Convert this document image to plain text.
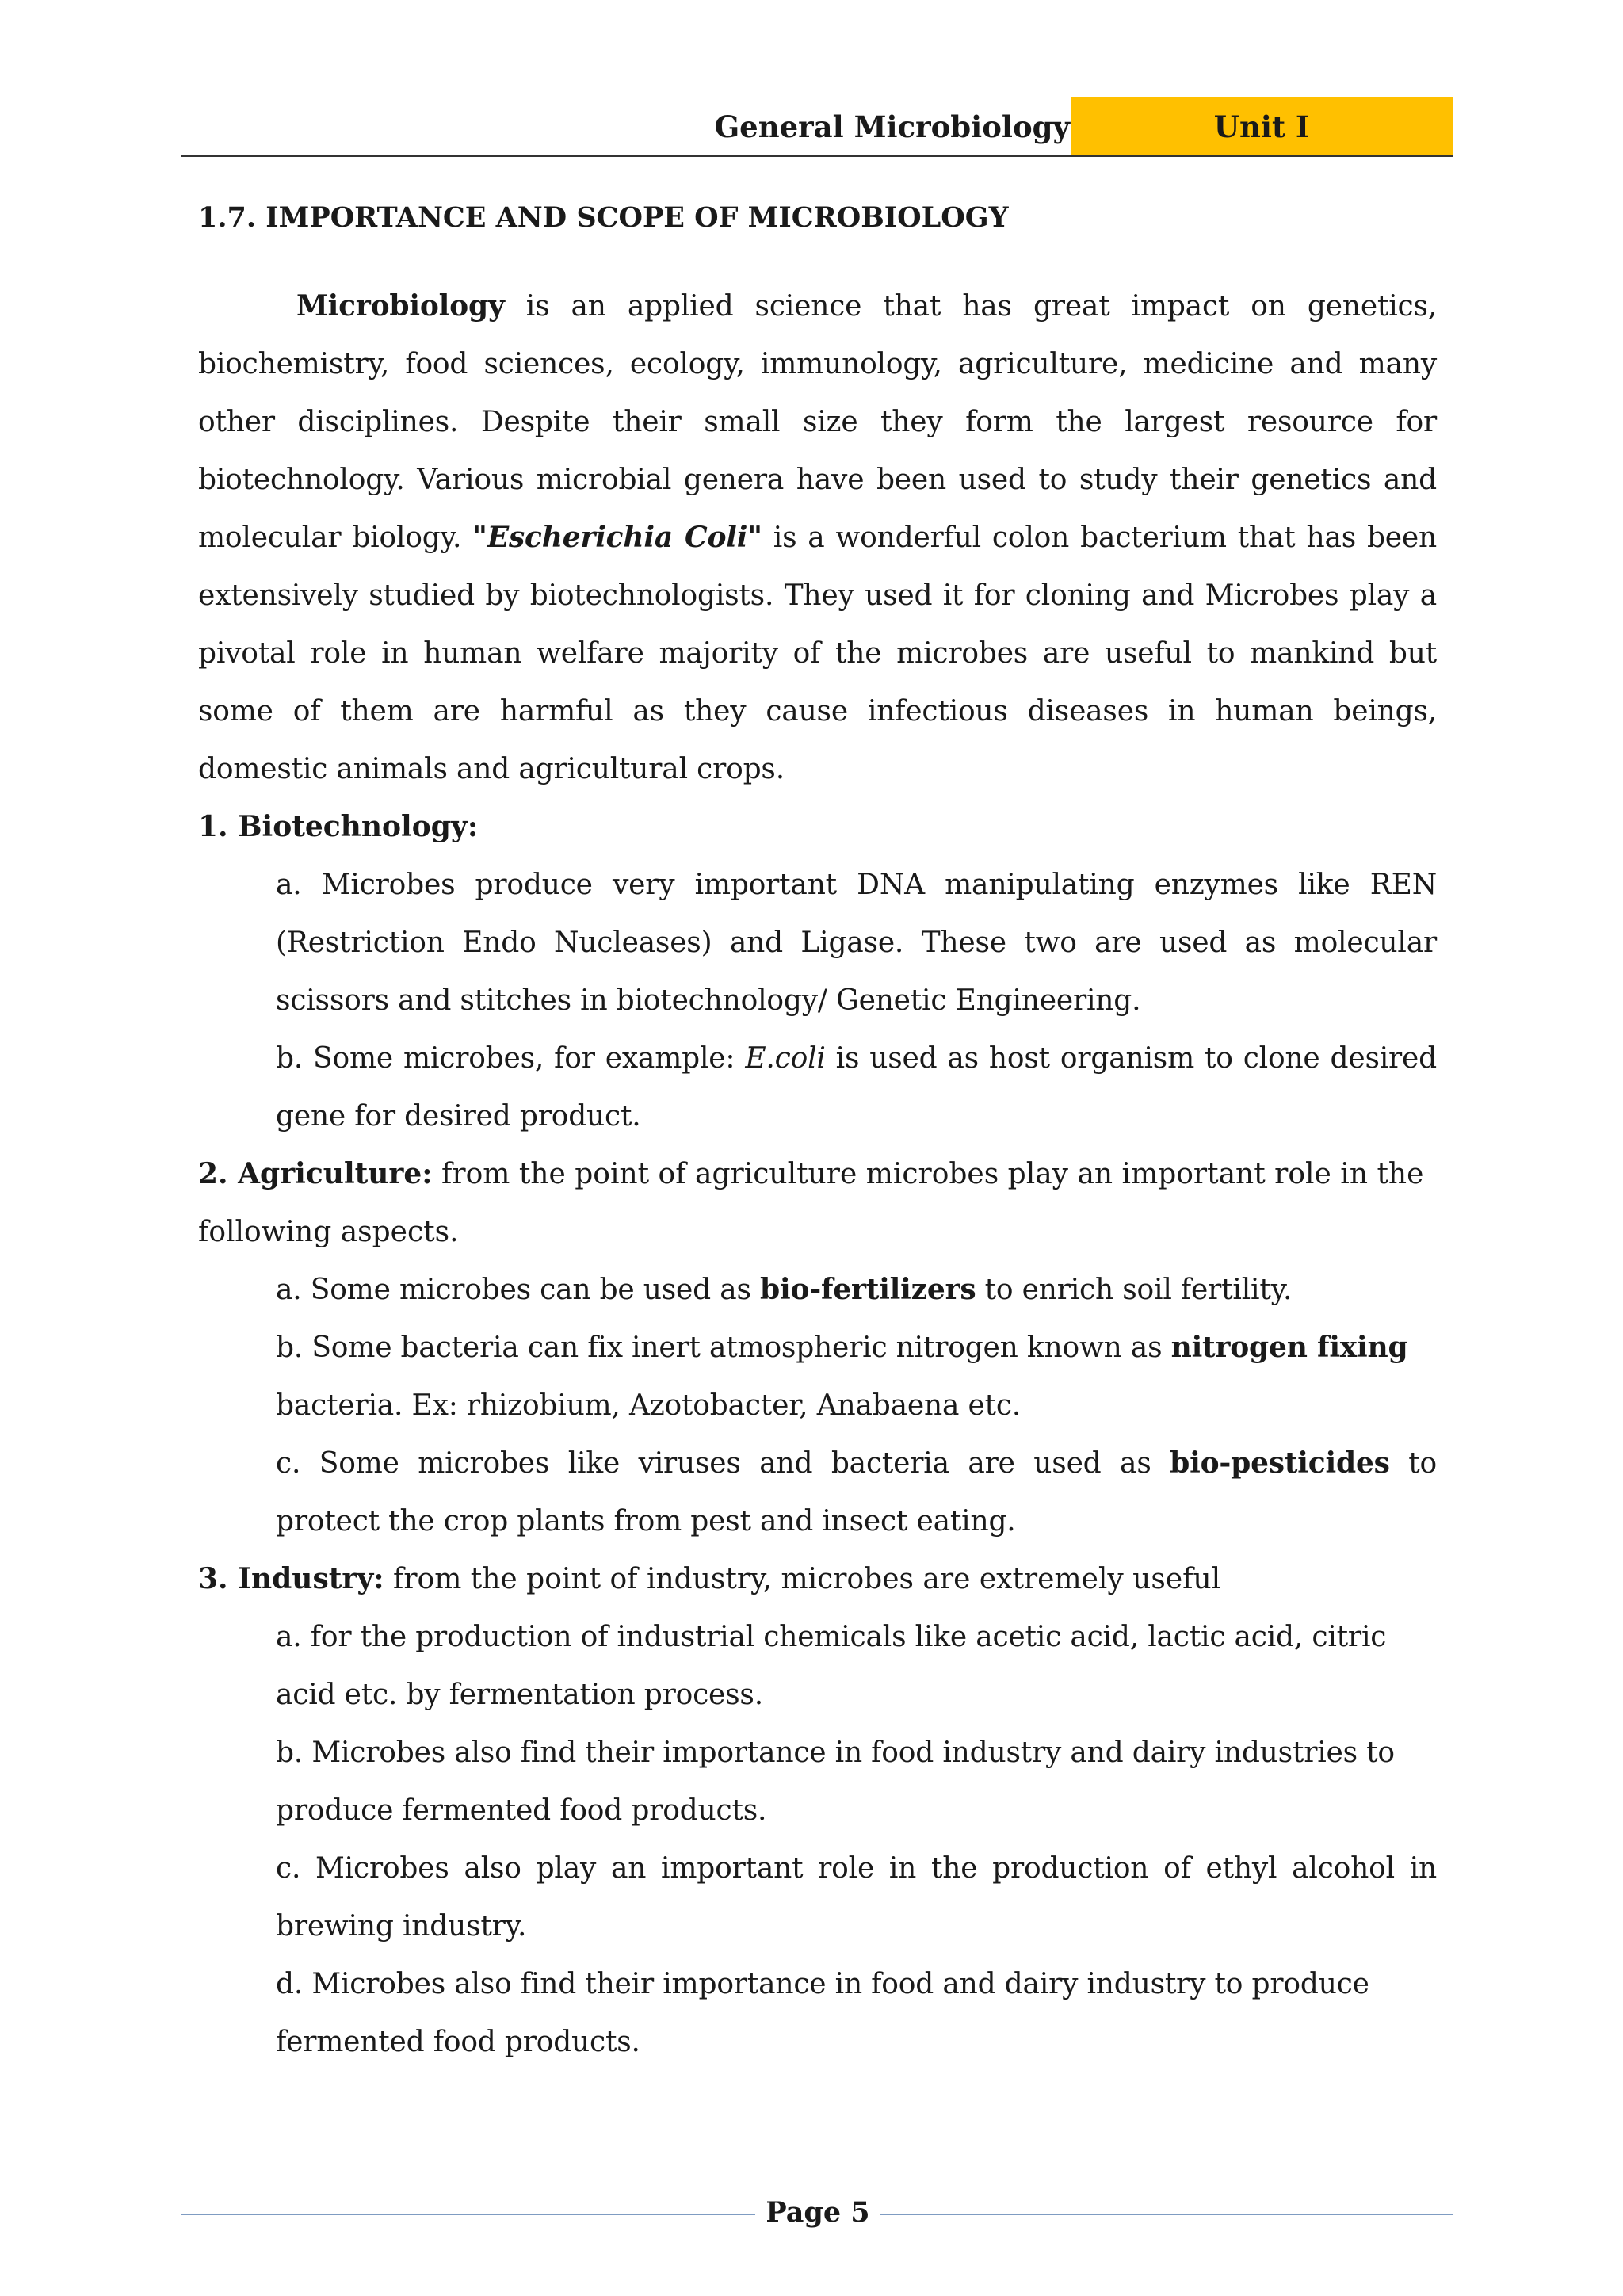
General Microbiology	Unit I
1.7. IMPORTANCE AND SCOPE OF MICROBIOLOGY

Microbiology is an applied science that has great impact on genetics, biochemistry, food sciences, ecology, immunology, agriculture, medicine and many other disciplines. Despite their small size they form the largest resource for biotechnology. Various microbial genera have been used to study their genetics and molecular biology. "Escherichia Coli" is a wonderful colon bacterium that has been extensively studied by biotechnologists. They used it for cloning and Microbes play a pivotal role in human welfare majority of the microbes are useful to mankind but some of them are harmful as they cause infectious diseases in human beings, domestic animals and agricultural crops.

1. Biotechnology:

a. Microbes produce very important DNA manipulating enzymes like REN (Restriction Endo Nucleases) and Ligase. These two are used as molecular scissors and stitches in biotechnology/ Genetic Engineering.

b. Some microbes, for example: E.coli is used as host organism to clone desired gene for desired product.

2. Agriculture: from the point of agriculture microbes play an important role in the following aspects.

a. Some microbes can be used as bio-fertilizers to enrich soil fertility.

b. Some bacteria can fix inert atmospheric nitrogen known as nitrogen fixing bacteria. Ex: rhizobium, Azotobacter, Anabaena etc.

c. Some microbes like viruses and bacteria are used as bio-pesticides to protect the crop plants from pest and insect eating.

3. Industry: from the point of industry, microbes are extremely useful

a. for the production of industrial chemicals like acetic acid, lactic acid, citric acid etc. by fermentation process.

b. Microbes also find their importance in food industry and dairy industries to produce fermented food products.

c. Microbes also play an important role in the production of ethyl alcohol in brewing industry.

d. Microbes also find their importance in food and dairy industry to produce fermented food products.

Page 5
